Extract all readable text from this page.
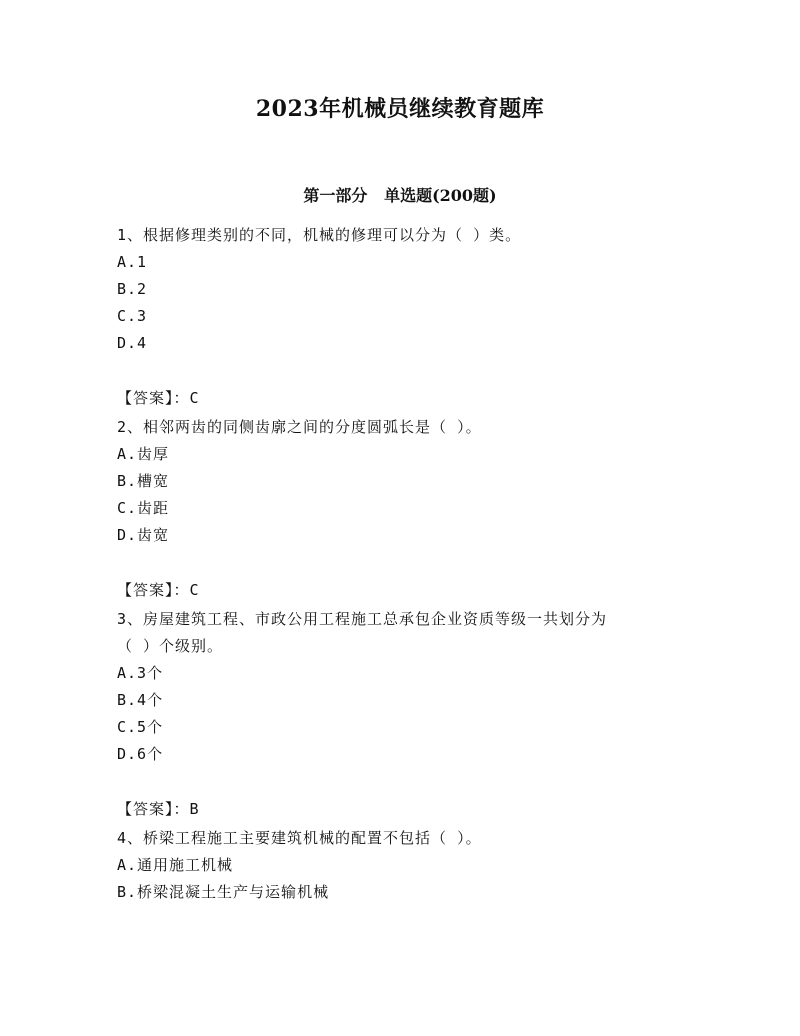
2023年机械员继续教育题库
第一部分   单选题(200题)
1、根据修理类别的不同，机械的修理可以分为（ ）类。
A.1
B.2
C.3
D.4
【答案】：C
2、相邻两齿的同侧齿廓之间的分度圆弧长是（ ）。
A.齿厚
B.槽宽
C.齿距
D.齿宽
【答案】：C
3、房屋建筑工程、市政公用工程施工总承包企业资质等级一共划分为
（ ）个级别。
A.3个
B.4个
C.5个
D.6个
【答案】：B
4、桥梁工程施工主要建筑机械的配置不包括（ ）。
A.通用施工机械
B.桥梁混凝土生产与运输机械
